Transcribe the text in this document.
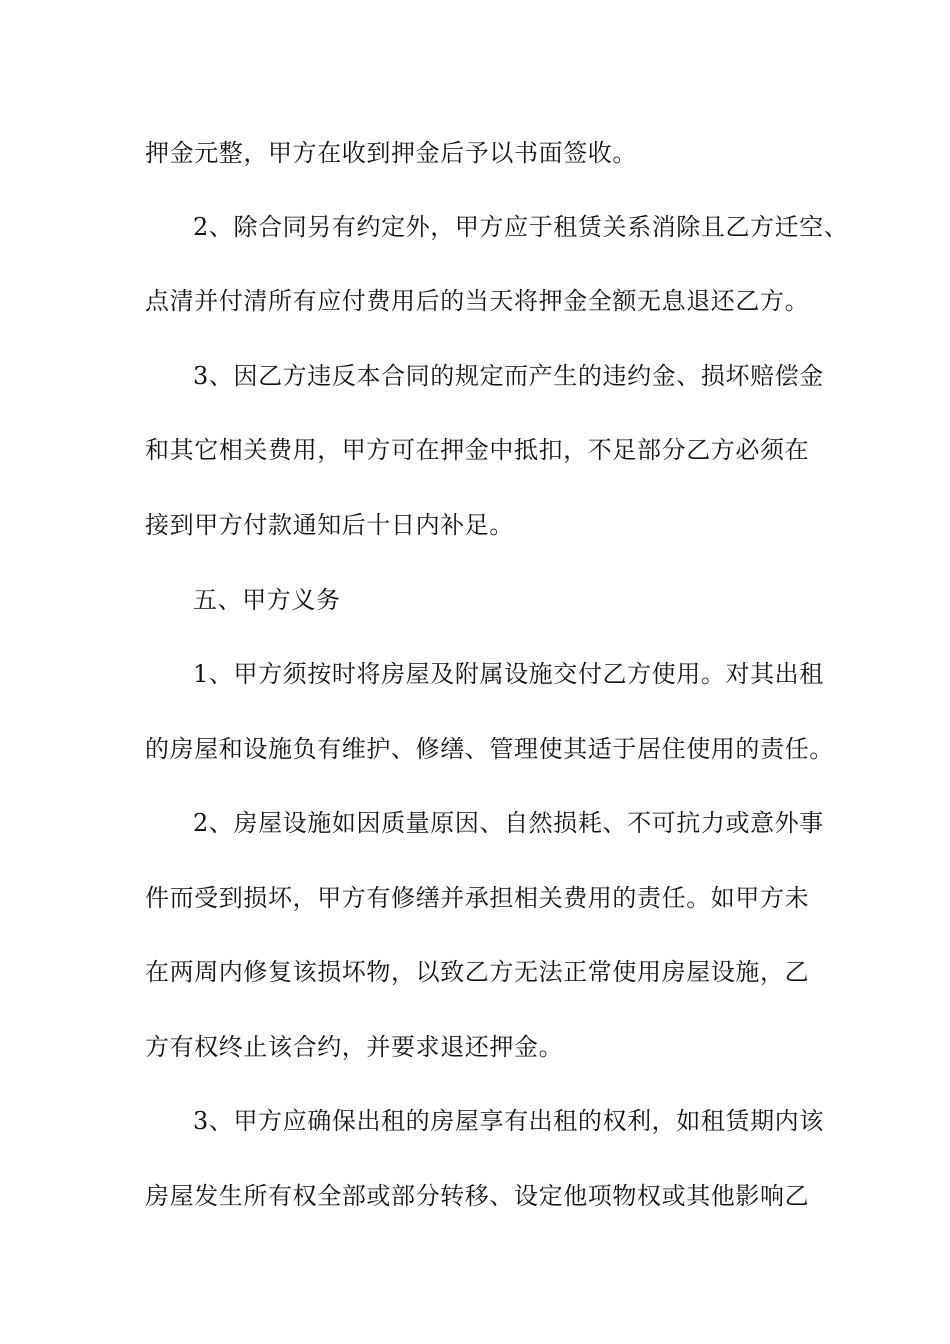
押金元整，甲方在收到押金后予以书面签收。
2、除合同另有约定外，甲方应于租赁关系消除且乙方迁空、
点清并付清所有应付费用后的当天将押金全额无息退还乙方。
3、因乙方违反本合同的规定而产生的违约金、损坏赔偿金
和其它相关费用，甲方可在押金中抵扣，不足部分乙方必须在
接到甲方付款通知后十日内补足。
五、甲方义务
1、甲方须按时将房屋及附属设施交付乙方使用。对其出租
的房屋和设施负有维护、修缮、管理使其适于居住使用的责任。
2、房屋设施如因质量原因、自然损耗、不可抗力或意外事
件而受到损坏，甲方有修缮并承担相关费用的责任。如甲方未
在两周内修复该损坏物，以致乙方无法正常使用房屋设施，乙
方有权终止该合约，并要求退还押金。
3、甲方应确保出租的房屋享有出租的权利，如租赁期内该
房屋发生所有权全部或部分转移、设定他项物权或其他影响乙
